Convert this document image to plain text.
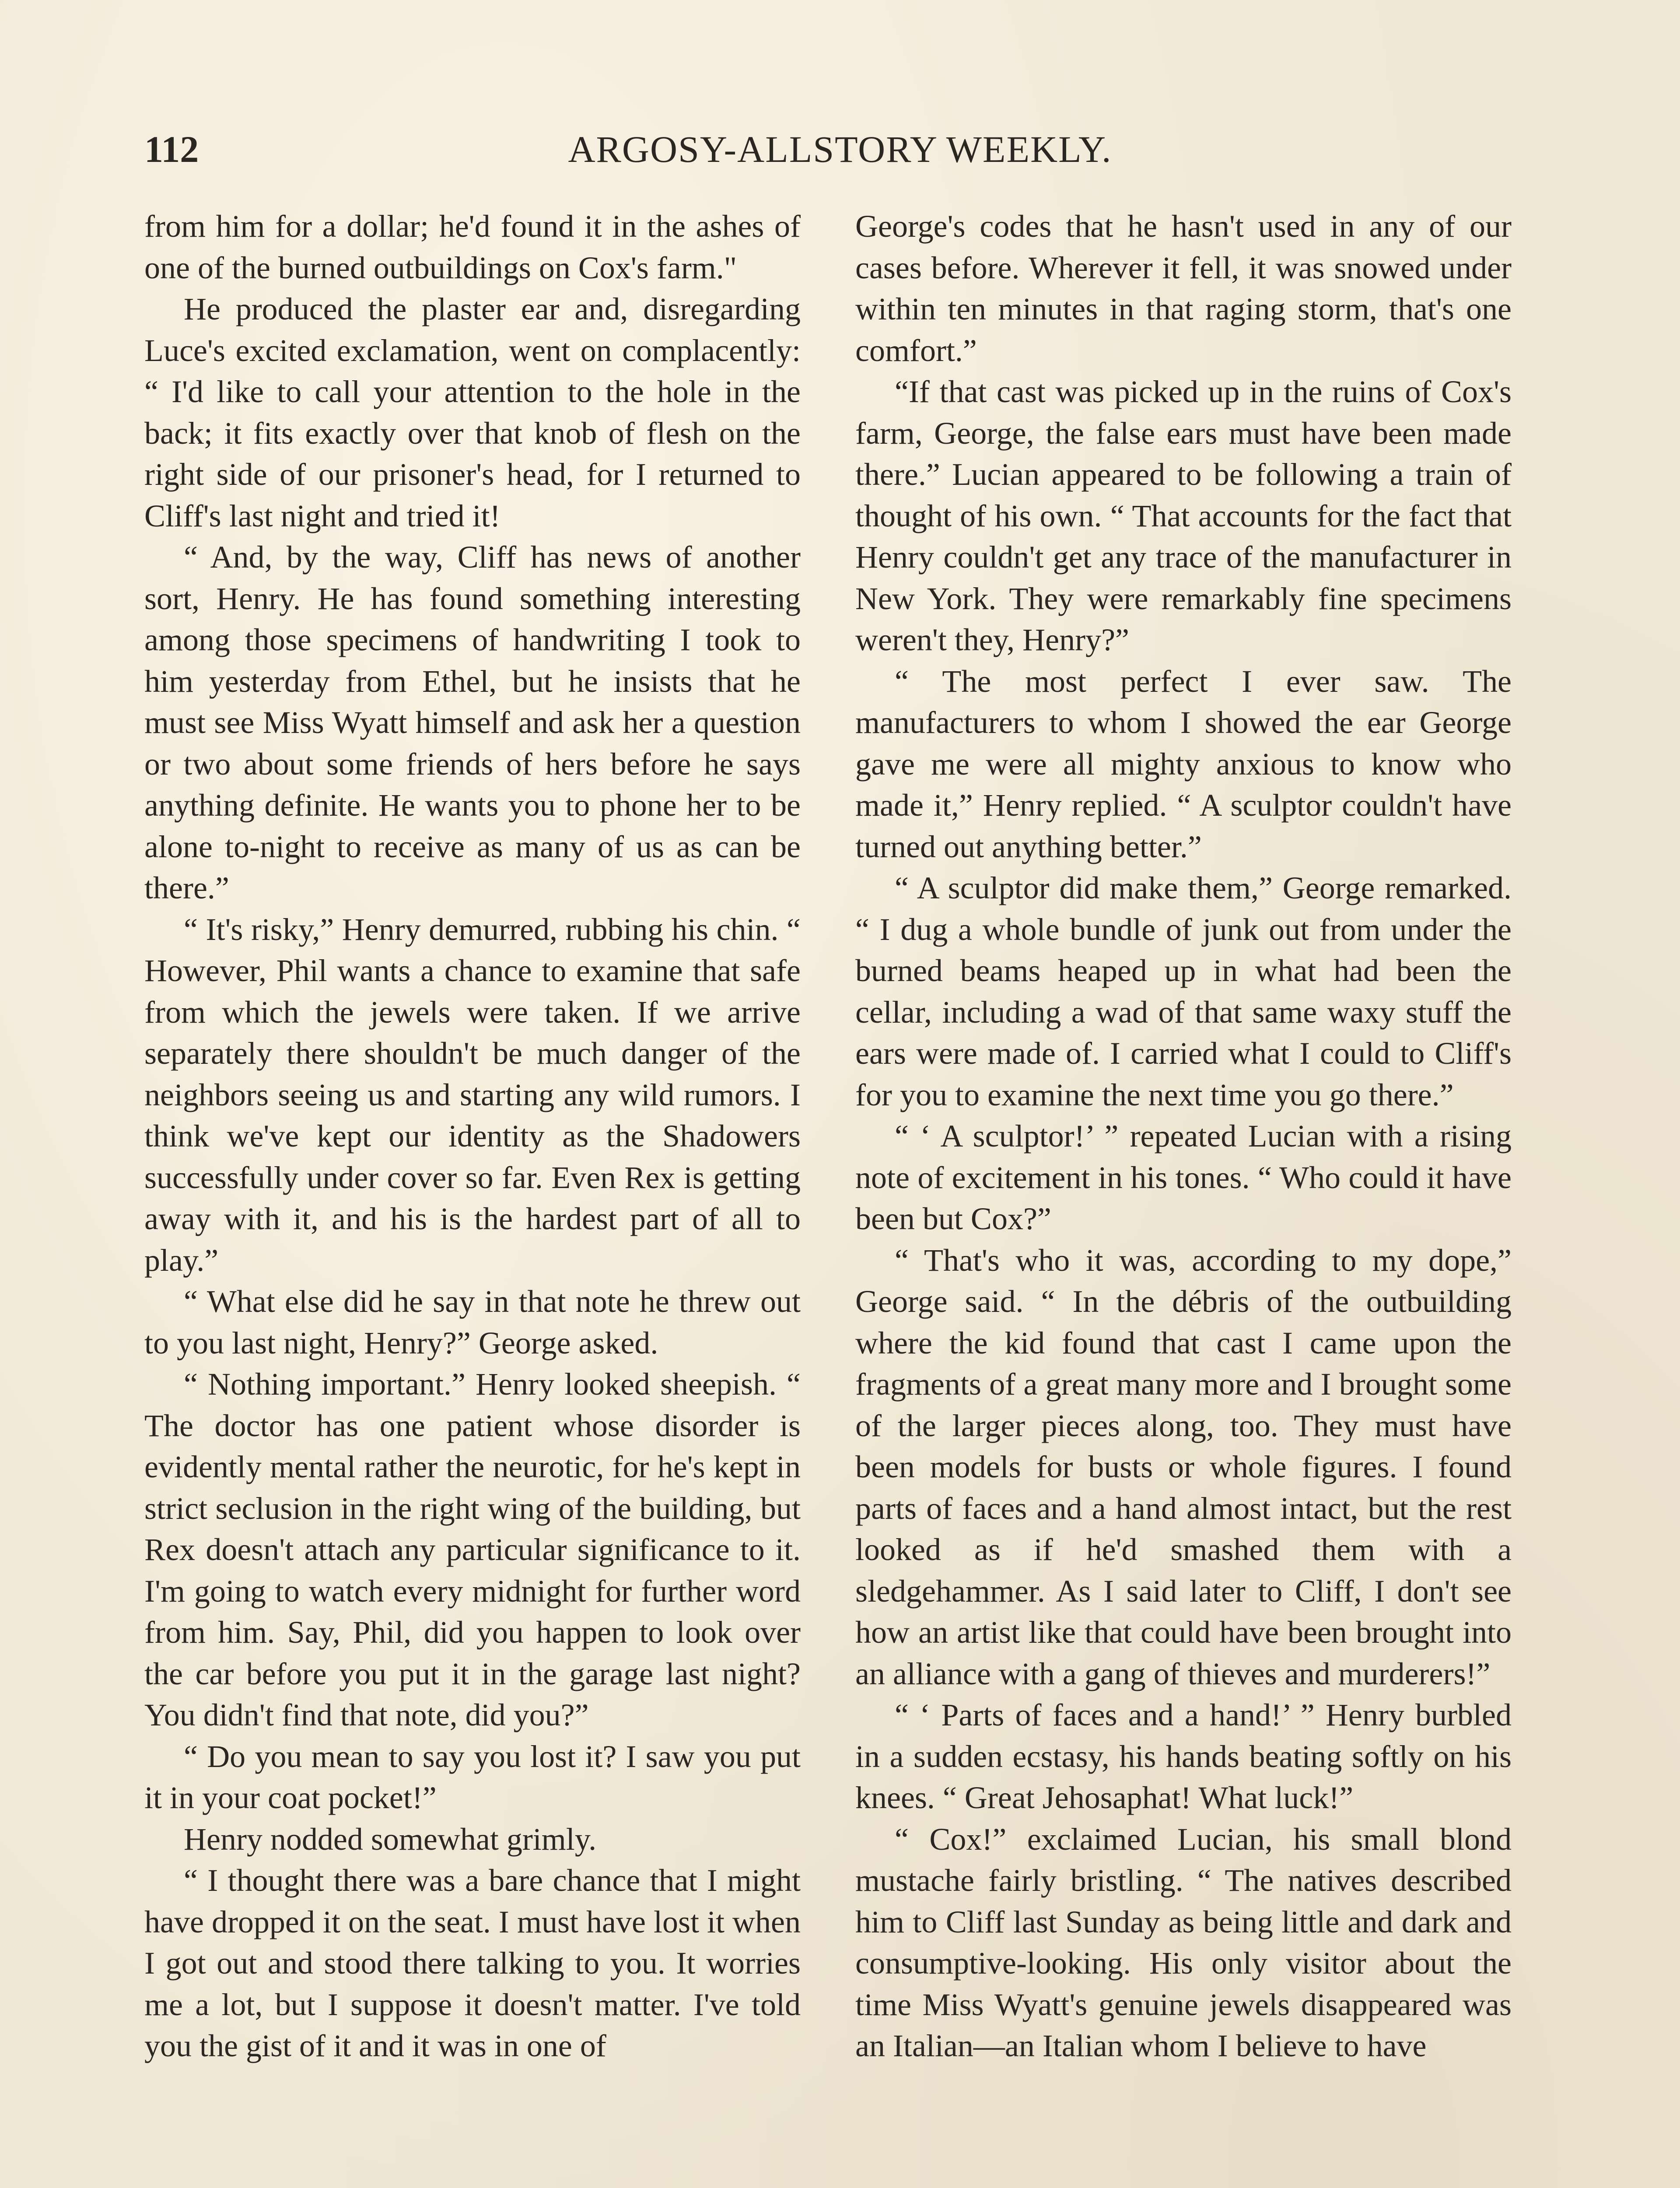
112	ARGOSY-ALLSTORY WEEKLY.

from him for a dollar; he'd found it in the ashes of one of the burned outbuildings on Cox's farm."

He produced the plaster ear and, disregarding Luce's excited exclamation, went on complacently: “ I'd like to call your attention to the hole in the back; it fits exactly over that knob of flesh on the right side of our prisoner's head, for I returned to Cliff's last night and tried it!

“ And, by the way, Cliff has news of another sort, Henry. He has found something interesting among those specimens of handwriting I took to him yesterday from Ethel, but he insists that he must see Miss Wyatt himself and ask her a question or two about some friends of hers before he says anything definite. He wants you to phone her to be alone to-night to receive as many of us as can be there.”

“ It's risky,” Henry demurred, rubbing his chin. “ However, Phil wants a chance to examine that safe from which the jewels were taken. If we arrive separately there shouldn't be much danger of the neighbors seeing us and starting any wild rumors. I think we've kept our identity as the Shadowers successfully under cover so far. Even Rex is getting away with it, and his is the hardest part of all to play.”

“ What else did he say in that note he threw out to you last night, Henry?” George asked.

“ Nothing important.” Henry looked sheepish. “ The doctor has one patient whose disorder is evidently mental rather the neurotic, for he's kept in strict seclusion in the right wing of the building, but Rex doesn't attach any particular significance to it. I'm going to watch every midnight for further word from him. Say, Phil, did you happen to look over the car before you put it in the garage last night? You didn't find that note, did you?”

“ Do you mean to say you lost it? I saw you put it in your coat pocket!”

Henry nodded somewhat grimly.

“ I thought there was a bare chance that I might have dropped it on the seat. I must have lost it when I got out and stood there talking to you. It worries me a lot, but I suppose it doesn't matter. I've told you the gist of it and it was in one of

George's codes that he hasn't used in any of our cases before. Wherever it fell, it was snowed under within ten minutes in that raging storm, that's one comfort.”

“If that cast was picked up in the ruins of Cox's farm, George, the false ears must have been made there.” Lucian appeared to be following a train of thought of his own. “ That accounts for the fact that Henry couldn't get any trace of the manufacturer in New York. They were remarkably fine specimens weren't they, Henry?”

“ The most perfect I ever saw. The manufacturers to whom I showed the ear George gave me were all mighty anxious to know who made it,” Henry replied. “ A sculptor couldn't have turned out anything better.”

“ A sculptor did make them,” George remarked. “ I dug a whole bundle of junk out from under the burned beams heaped up in what had been the cellar, including a wad of that same waxy stuff the ears were made of. I carried what I could to Cliff's for you to examine the next time you go there.”

“ ‘ A sculptor!’ ” repeated Lucian with a rising note of excitement in his tones. “ Who could it have been but Cox?”

“ That's who it was, according to my dope,” George said. “ In the débris of the outbuilding where the kid found that cast I came upon the fragments of a great many more and I brought some of the larger pieces along, too. They must have been models for busts or whole figures. I found parts of faces and a hand almost intact, but the rest looked as if he'd smashed them with a sledgehammer. As I said later to Cliff, I don't see how an artist like that could have been brought into an alliance with a gang of thieves and murderers!”

“ ‘ Parts of faces and a hand!’ ” Henry burbled in a sudden ecstasy, his hands beating softly on his knees. “ Great Jehosaphat! What luck!”

“ Cox!” exclaimed Lucian, his small blond mustache fairly bristling. “ The natives described him to Cliff last Sunday as being little and dark and consumptive-looking. His only visitor about the time Miss Wyatt's genuine jewels disappeared was an Italian—an Italian whom I believe to have
